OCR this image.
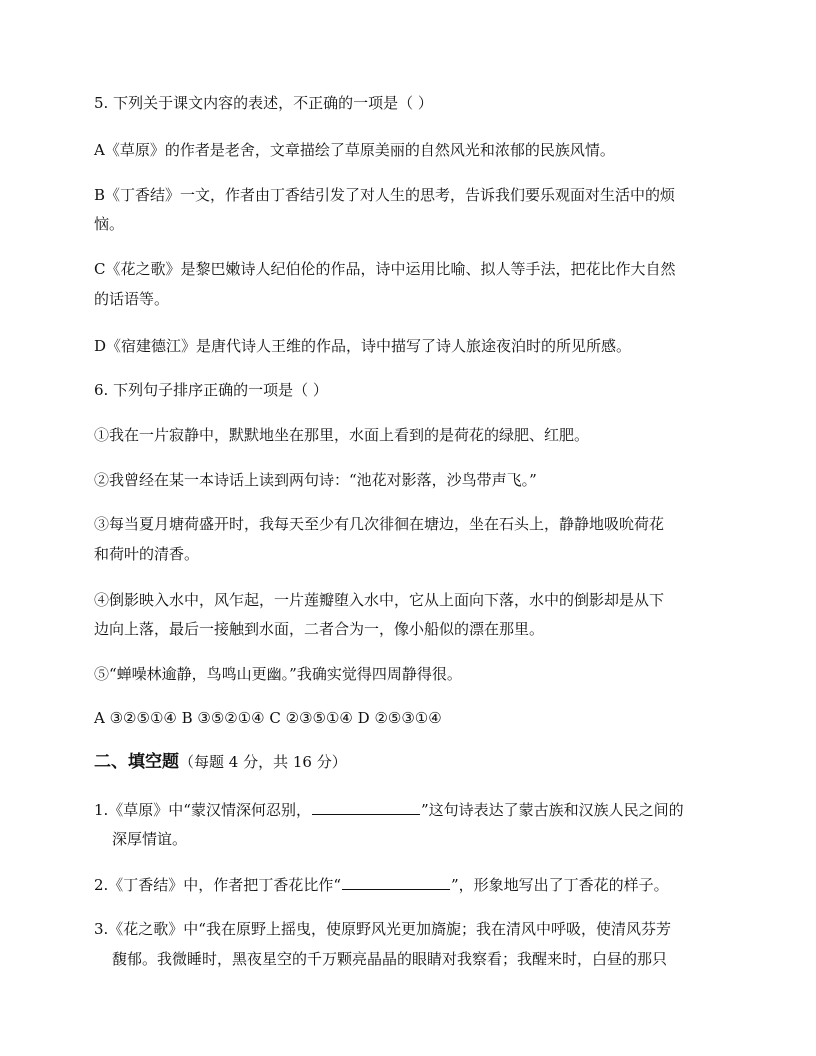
5. 下列关于课文内容的表述，不正确的一项是（ ）
A《草原》的作者是老舍，文章描绘了草原美丽的自然风光和浓郁的民族风情。
B《丁香结》一文，作者由丁香结引发了对人生的思考，告诉我们要乐观面对生活中的烦
恼。
C《花之歌》是黎巴嫩诗人纪伯伦的作品，诗中运用比喻、拟人等手法，把花比作大自然
的话语等。
D《宿建德江》是唐代诗人王维的作品，诗中描写了诗人旅途夜泊时的所见所感。
6. 下列句子排序正确的一项是（ ）
①我在一片寂静中，默默地坐在那里，水面上看到的是荷花的绿肥、红肥。
②我曾经在某一本诗话上读到两句诗：“池花对影落，沙鸟带声飞。”
③每当夏月塘荷盛开时，我每天至少有几次徘徊在塘边，坐在石头上，静静地吸吮荷花
和荷叶的清香。
④倒影映入水中，风乍起，一片莲瓣堕入水中，它从上面向下落，水中的倒影却是从下
边向上落，最后一接触到水面，二者合为一，像小船似的漂在那里。
⑤“蝉噪林逾静，鸟鸣山更幽。”我确实觉得四周静得很。
A ③②⑤①④ B ③⑤②①④ C ②③⑤①④ D ②⑤③①④
二、填空题（每题 4 分，共 16 分）
1.《草原》中“蒙汉情深何忍别，	”这句诗表达了蒙古族和汉族人民之间的
深厚情谊。
2.《丁香结》中，作者把丁香花比作“	”，形象地写出了丁香花的样子。
3.《花之歌》中“我在原野上摇曳，使原野风光更加旖旎；我在清风中呼吸，使清风芬芳
馥郁。我微睡时，黑夜星空的千万颗亮晶晶的眼睛对我察看；我醒来时，白昼的那只
